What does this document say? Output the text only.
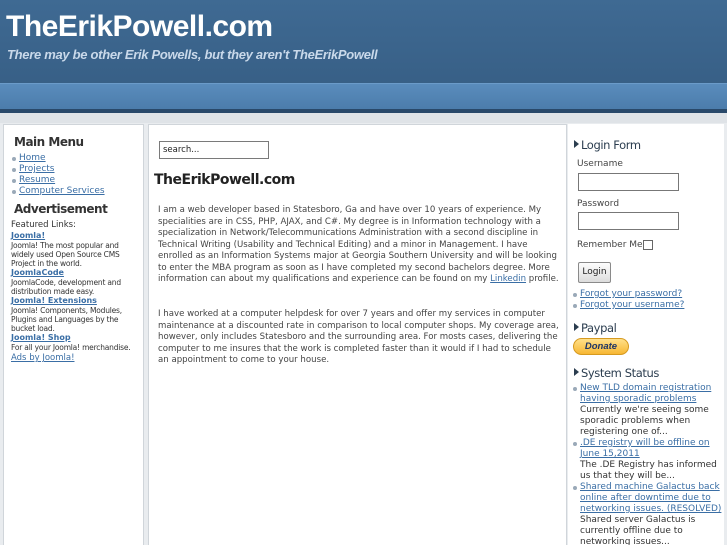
TheErikPowell.com
There may be other Erik Powells, but they aren't TheErikPowell
Main Menu
Home
Projects
Resume
Computer Services
Advertisement
Featured Links:
Joomla!
Joomla! The most popular and widely used Open Source CMS Project in the world.
JoomlaCode
JoomlaCode, development and distribution made easy.
Joomla! Extensions
Joomla! Components, Modules, Plugins and Languages by the bucket load.
Joomla! Shop
For all your Joomla! merchandise.
Ads by Joomla!
search...
TheErikPowell.com
I am a web developer based in Statesboro, Ga and have over 10 years of experience. My specialities are in CSS, PHP, AJAX, and C#. My degree is in Information technology with a specialization in Network/Telecommunications Administration with a second discipline in Technical Writing (Usability and Technical Editing) and a minor in Management. I have enrolled as an Information Systems major at Georgia Southern University and will be looking to enter the MBA program as soon as I have completed my second bachelors degree. More information can about my qualifications and experience can be found on my Linkedin profile.
I have worked at a computer helpdesk for over 7 years and offer my services in computer maintenance at a discounted rate in comparison to local computer shops. My coverage area, however, only includes Statesboro and the surrounding area. For mosts cases, delivering the computer to me insures that the work is completed faster than it would if I had to schedule an appointment to come to your house.
Login Form
Username
Password
Remember Me
Login
Forgot your password?
Forgot your username?
Paypal
Donate
System Status
New TLD domain registration having sporadic problems
Currently we're seeing some sporadic problems when registering one of...
.DE registry will be offline on June 15,2011
The .DE Registry has informed us that they will be...
Shared machine Galactus back online after downtime due to networking issues. (RESOLVED)
Shared server Galactus is currently offline due to networking issues...
